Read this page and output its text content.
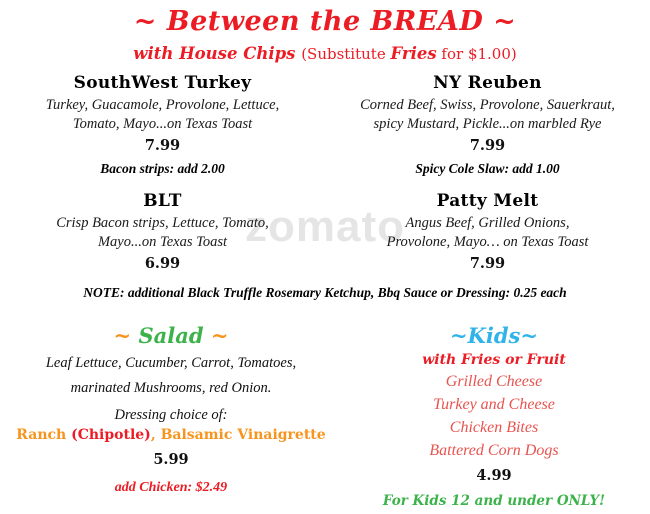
zomato
~ Between the BREAD ~
with House Chips (Substitute Fries for $1.00)
SouthWest Turkey
Turkey, Guacamole, Provolone, Lettuce,
Tomato, Mayo...on Texas Toast
7.99
Bacon strips: add 2.00
BLT
Crisp Bacon strips, Lettuce, Tomato,
Mayo...on Texas Toast
6.99
NY Reuben
Corned Beef, Swiss, Provolone, Sauerkraut,
spicy Mustard, Pickle...on marbled Rye
7.99
Spicy Cole Slaw: add 1.00
Patty Melt
Angus Beef, Grilled Onions,
Provolone, Mayo… on Texas Toast
7.99
NOTE: additional Black Truffle Rosemary Ketchup, Bbq Sauce or Dressing: 0.25 each
~ Salad ~
Leaf Lettuce, Cucumber, Carrot, Tomatoes,
marinated Mushrooms, red Onion.
Dressing choice of:
Ranch (Chipotle), Balsamic Vinaigrette
5.99
add Chicken: $2.49
~Kids~
with Fries or Fruit
Grilled Cheese
Turkey and Cheese
Chicken Bites
Battered Corn Dogs
4.99
For Kids 12 and under ONLY!
